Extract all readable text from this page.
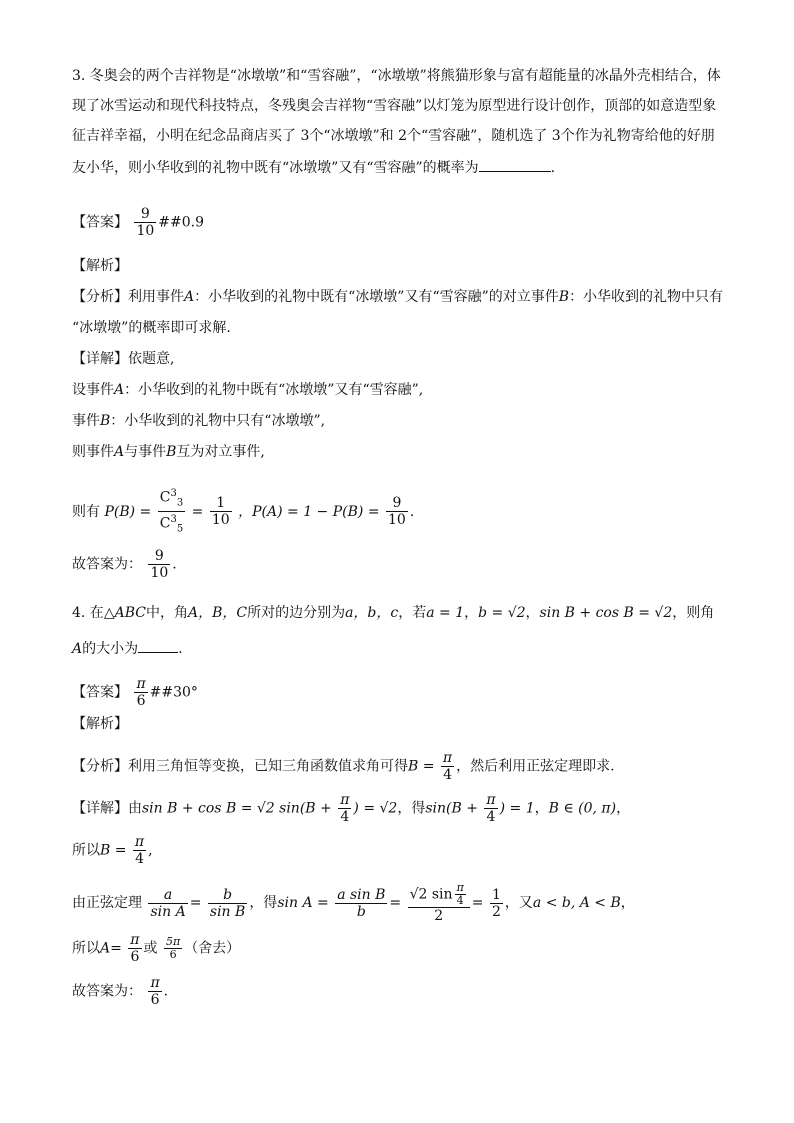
3. 冬奥会的两个吉祥物是“冰墩墩”和“雪容融”，“冰墩墩”将熊猫形象与富有超能量的冰晶外壳相结合，体
现了冰雪运动和现代科技特点，冬残奥会吉祥物“雪容融”以灯笼为原型进行设计创作，顶部的如意造型象
征吉祥幸福，小明在纪念品商店买了 3个“冰墩墩”和 2个“雪容融”，随机选了 3个作为礼物寄给他的好朋
友小华，则小华收到的礼物中既有“冰墩墩”又有“雪容融”的概率为	.
【答案】 $\frac{9}{10}$ ##0.9
【解析】
【分析】利用事件A：小华收到的礼物中既有“冰墩墩”又有“雪容融”的对立事件B：小华收到的礼物中只有
“冰墩墩”的概率即可求解.
【详解】依题意,
设事件A：小华收到的礼物中既有“冰墩墩”又有“雪容融”,
事件B：小华收到的礼物中只有“冰墩墩”,
则事件A与事件B互为对立事件,
则有 $P(B) = \frac{C^3_3}{C^3_5} = \frac{1}{10}$ ，$P(A) = 1 - P(B) = \frac{9}{10}$ .
故答案为： $\frac{9}{10}$ .
4. 在△ABC中，角A，B，C所对的边分别为a，b，c，若a = 1，b = √2，sin B + cos B = √2，则角
A的大小为	.
【答案】 $\frac{\pi}{6}$ ##30°
【解析】
【分析】利用三角恒等变换，已知三角函数值求角可得$B = \frac{\pi}{4}$ ，然后利用正弦定理即求.
【详解】由sin B + cos B = √2 $\sin(B + \frac{\pi}{4}$ ) = √2，得$\sin(B + \frac{\pi}{4}$ ) = 1，B ∈ (0, π)，
所以$B = \frac{\pi}{4}$ ,
由正弦定理 $\frac{a}{\text{sin A}} = \frac{b}{\text{sin B}}$ ，得$\sin A = \frac{\text{a sin B}}{b} = \frac{√2 \sin \frac{\pi}{4}}{2} = \frac{1}{2}$ ，又a < b, A < B，
所以$A= \frac{\pi}{6}$ 或 $\frac{5\pi}{6}$ （舍去）
故答案为： $\frac{\pi}{6}$ .
